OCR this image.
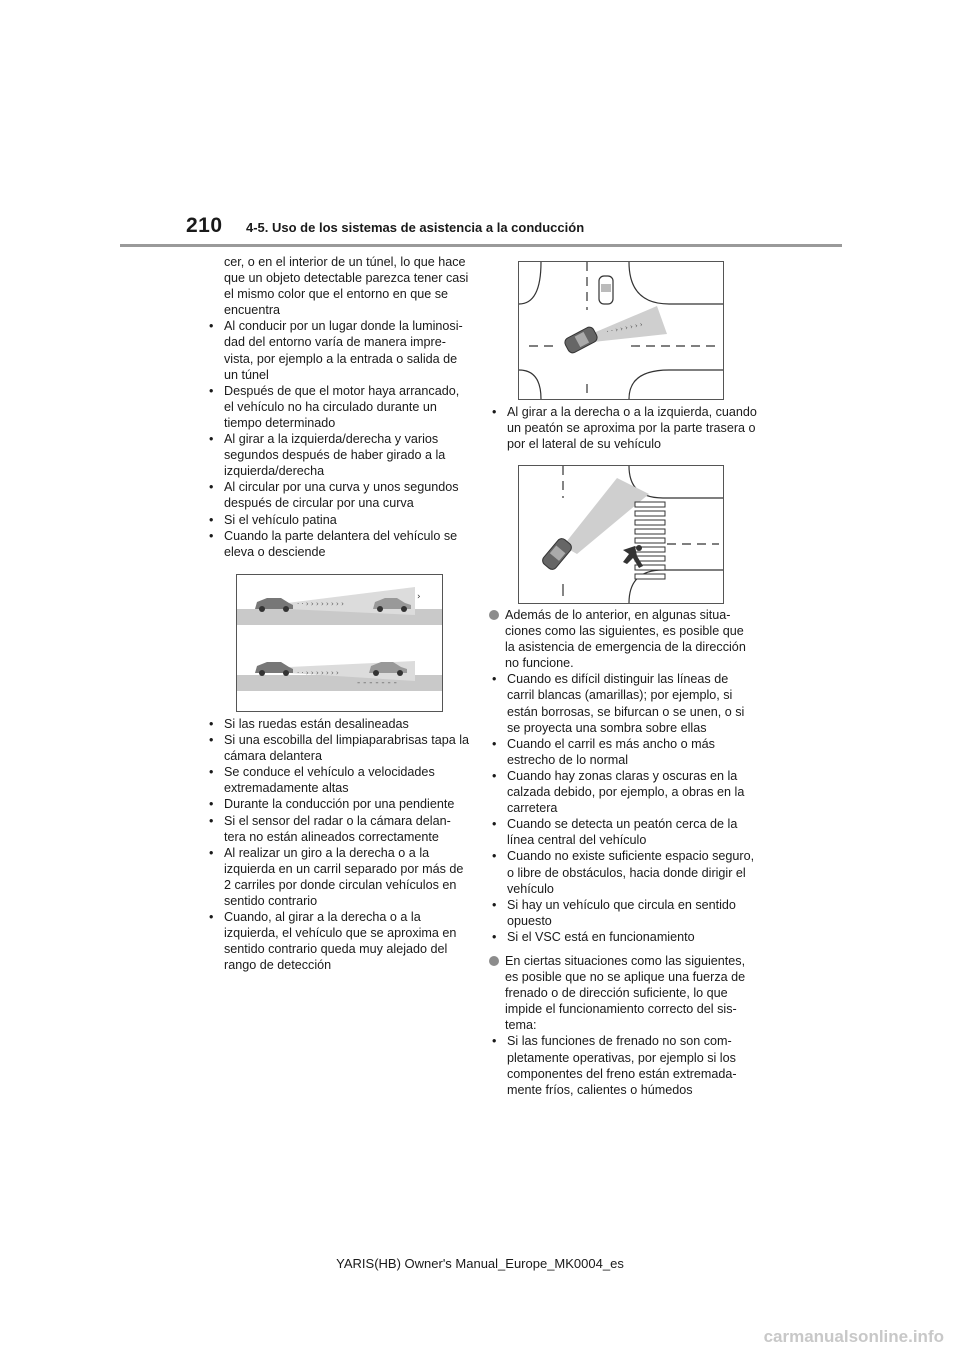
210 4-5. Uso de los sistemas de asistencia a la conducción

cer, o en el interior de un túnel, lo que hace que un objeto detectable parezca tener casi el mismo color que el entorno en que se encuentra

• Al conducir por un lugar donde la luminosi-dad del entorno varía de manera impre-vista, por ejemplo a la entrada o salida de un túnel
• Después de que el motor haya arrancado, el vehículo no ha circulado durante un tiempo determinado
• Al girar a la izquierda/derecha y varios segundos después de haber girado a la izquierda/derecha
• Al circular por una curva y unos segundos después de circular por una curva
• Si el vehículo patina
• Cuando la parte delantera del vehículo se eleva o desciende
· · › › › › › › › ›
›
· · › › › › › › ›
- - - - - - -
• Si las ruedas están desalineadas
• Si una escobilla del limpiaparabrisas tapa la cámara delantera
• Se conduce el vehículo a velocidades extremadamente altas
• Durante la conducción por una pendiente
• Si el sensor del radar o la cámara delan-tera no están alineados correctamente
• Al realizar un giro a la derecha o a la izquierda en un carril separado por más de 2 carriles por donde circulan vehículos en sentido contrario
• Cuando, al girar a la derecha o a la izquierda, el vehículo que se aproxima en sentido contrario queda muy alejado del rango de detección
· · › › › › › ›
• Al girar a la derecha o a la izquierda, cuando un peatón se aproxima por la parte trasera o por el lateral de su vehículo

Además de lo anterior, en algunas situa-ciones como las siguientes, es posible que la asistencia de emergencia de la dirección no funcione.

• Cuando es difícil distinguir las líneas de carril blancas (amarillas); por ejemplo, si están borrosas, se bifurcan o se unen, o si se proyecta una sombra sobre ellas
• Cuando el carril es más ancho o más estrecho de lo normal
• Cuando hay zonas claras y oscuras en la calzada debido, por ejemplo, a obras en la carretera
• Cuando se detecta un peatón cerca de la línea central del vehículo
• Cuando no existe suficiente espacio seguro, o libre de obstáculos, hacia donde dirigir el vehículo
• Si hay un vehículo que circula en sentido opuesto
• Si el VSC está en funcionamiento

En ciertas situaciones como las siguientes, es posible que no se aplique una fuerza de frenado o de dirección suficiente, lo que impide el funcionamiento correcto del sis-tema:

• Si las funciones de frenado no son com-pletamente operativas, por ejemplo si los componentes del freno están extremada-mente fríos, calientes o húmedos
YARIS(HB) Owner's Manual_Europe_MK0004_es
carmanualsonline.info
